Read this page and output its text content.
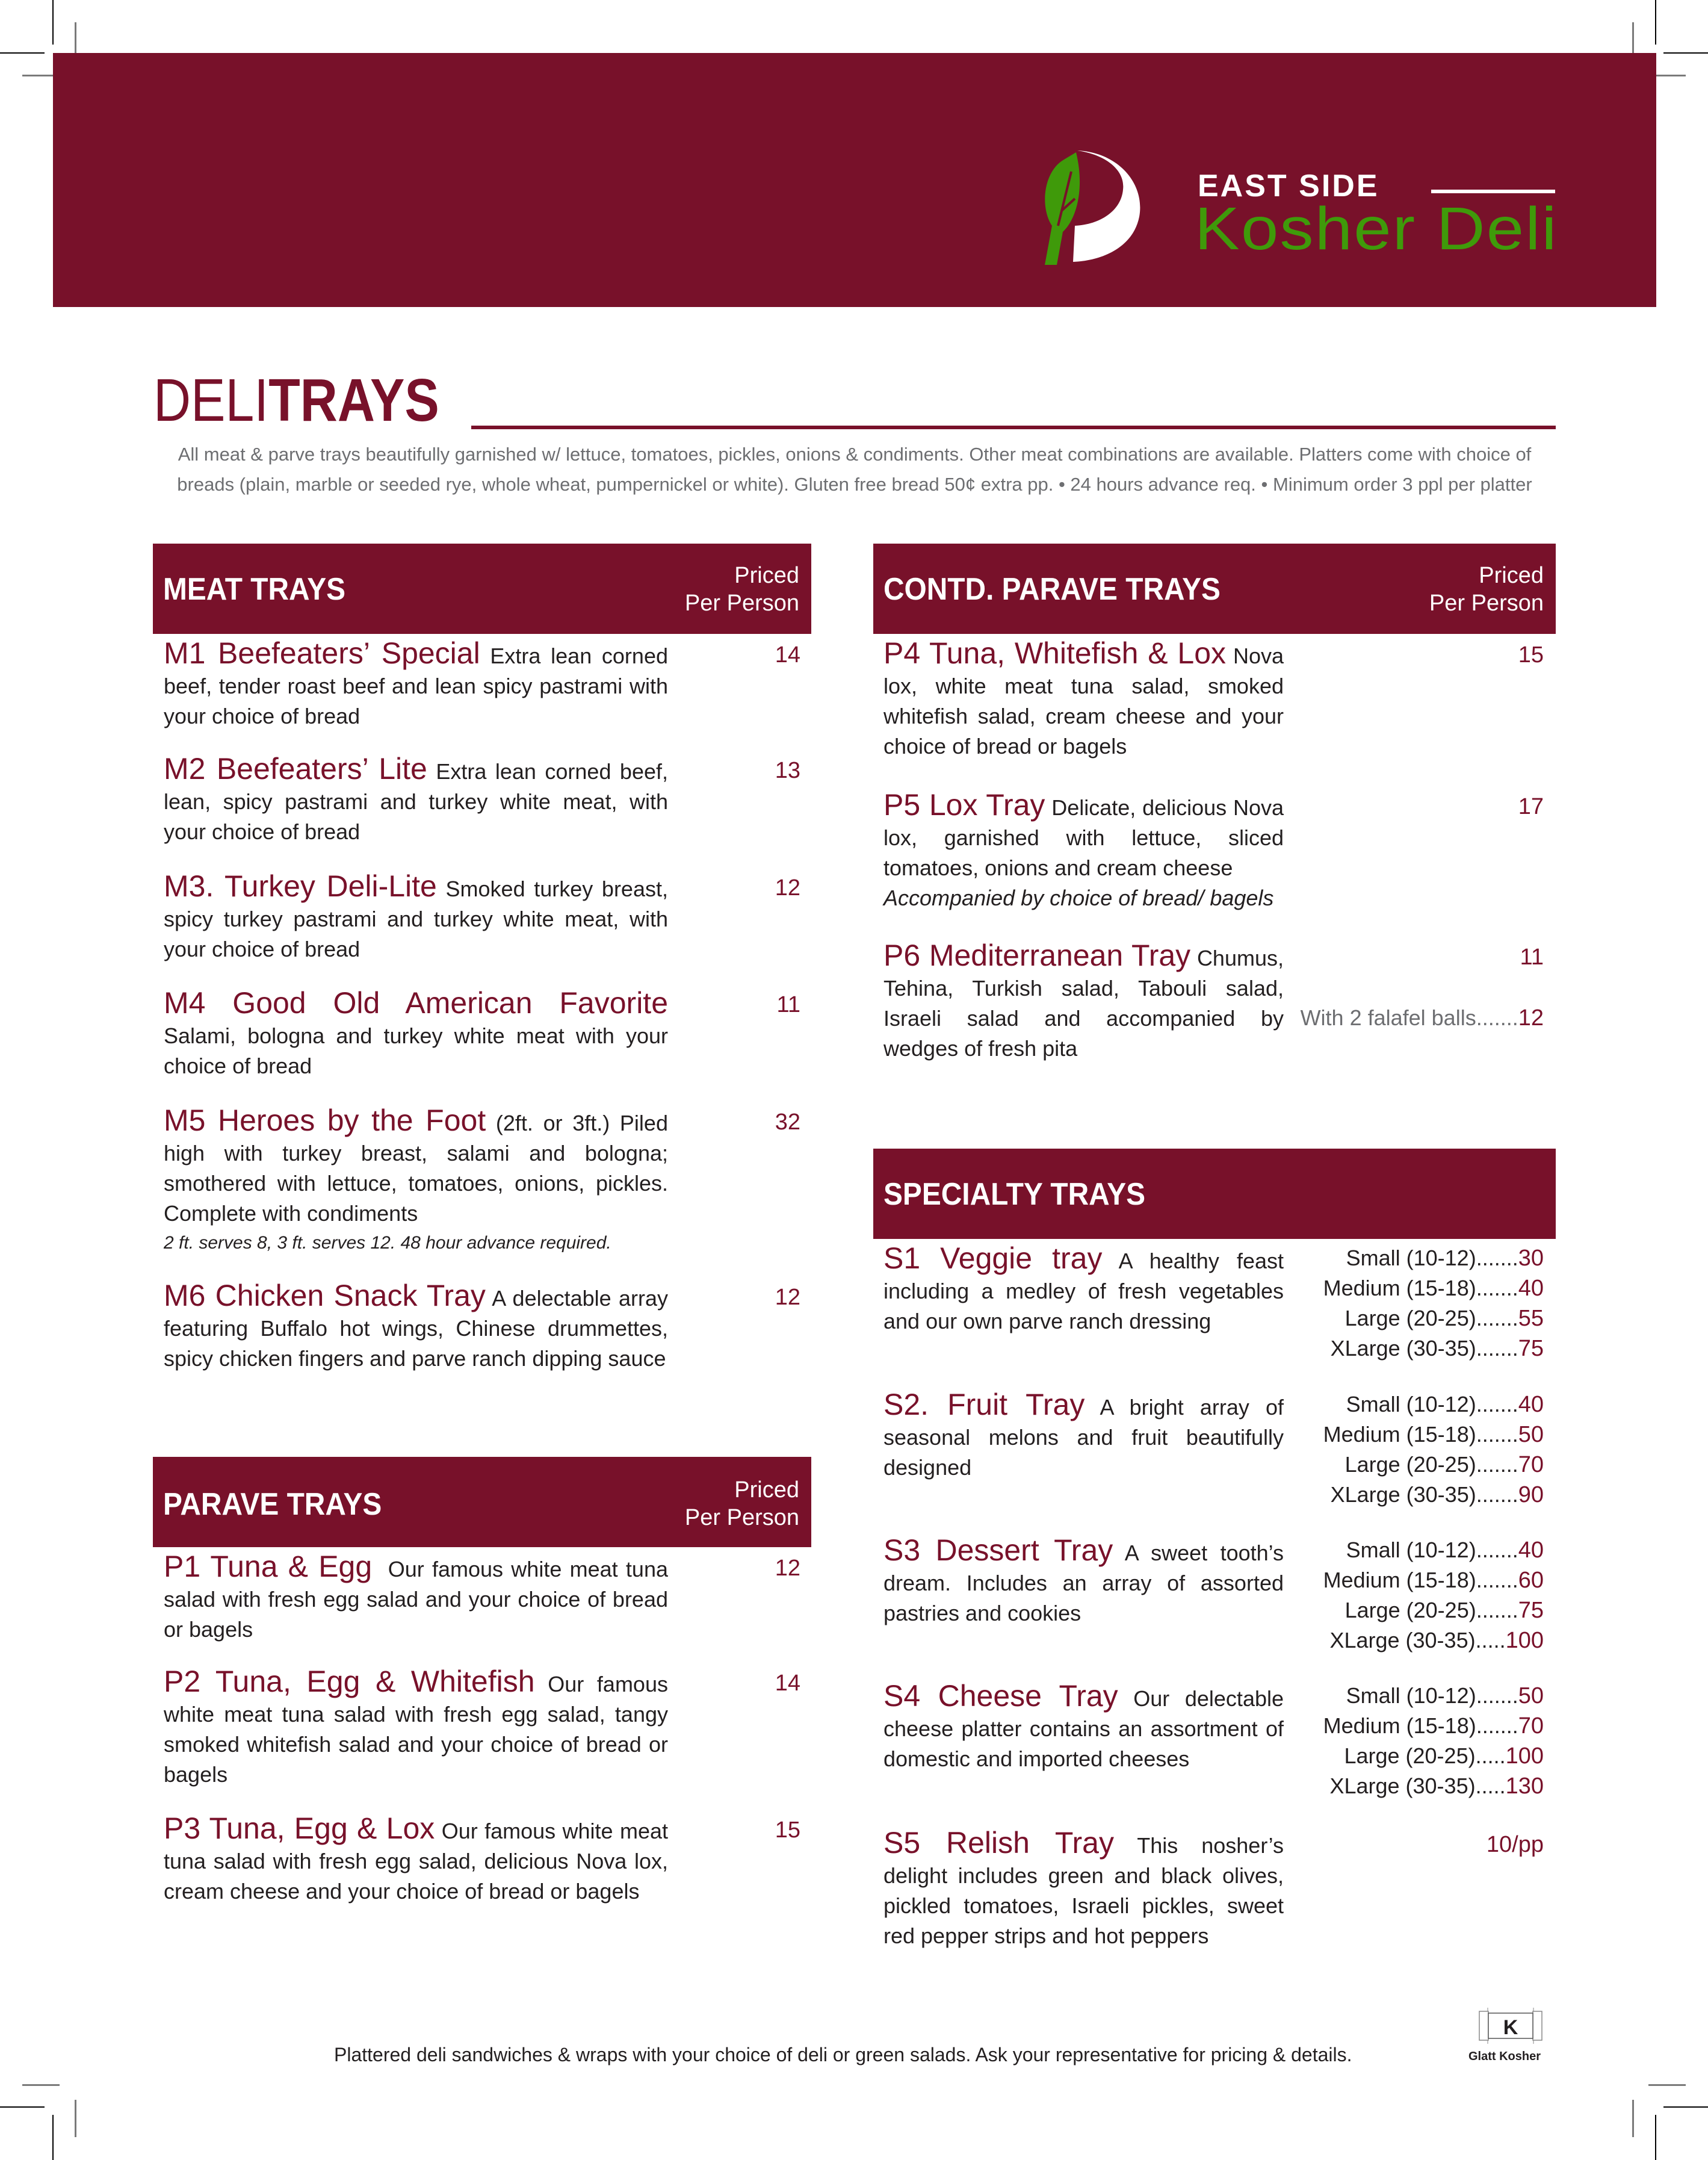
EAST SIDE
Kosher Deli
DELITRAYS
All meat & parve trays beautifully garnished w/ lettuce, tomatoes, pickles, onions & condiments. Other meat combinations are available. Platters come with choice of
breads (plain, marble or seeded rye, whole wheat, pumpernickel or white). Gluten free bread 50¢ extra pp. • 24 hours advance req. • Minimum order 3 ppl per platter
MEAT TRAYS	Priced
Per Person
M1 Beefeaters’ Special Extra lean corned beef, tender roast beef and lean spicy pastrami with your choice of bread
14
M2 Beefeaters’ Lite Extra lean corned beef, lean, spicy pastrami and turkey white meat, with your choice of bread
13
M3. Turkey Deli-Lite Smoked turkey breast, spicy turkey pastrami and turkey white meat, with your choice of bread
12
M4 Good Old American Favorite Salami, bologna and turkey white meat with your choice of bread
11
M5 Heroes by the Foot (2ft. or 3ft.) Piled high with turkey breast, salami and bologna; smothered with lettuce, tomatoes, onions, pickles. Complete with condiments
2 ft. serves 8, 3 ft. serves 12. 48 hour advance required.
32
M6 Chicken Snack Tray A delectable array featuring Buffalo hot wings, Chinese drummettes, spicy chicken fingers and parve ranch dipping sauce
12
PARAVE TRAYS	Priced
Per Person
P1 Tuna & Egg Our famous white meat tuna salad with fresh egg salad and your choice of bread or bagels
12
P2 Tuna, Egg & Whitefish Our famous white meat tuna salad with fresh egg salad, tangy smoked whitefish salad and your choice of bread or bagels
14
P3 Tuna, Egg & Lox Our famous white meat tuna salad with fresh egg salad, delicious Nova lox, cream cheese and your choice of bread or bagels
15
CONTD. PARAVE TRAYS	Priced
Per Person
P4 Tuna, Whitefish & Lox Nova lox, white meat tuna salad, smoked whitefish salad, cream cheese and your choice of bread or bagels
15
P5 Lox Tray Delicate, delicious Nova lox, garnished with lettuce, sliced tomatoes, onions and cream cheese
Accompanied by choice of bread/ bagels
17
P6 Mediterranean Tray Chumus, Tehina, Turkish salad, Tabouli salad, Israeli salad and accompanied by wedges of fresh pita
11
With 2 falafel balls.......12
SPECIALTY TRAYS
S1 Veggie tray A healthy feast including a medley of fresh vegetables and our own parve ranch dressing
Small (10-12).......30
Medium (15-18).......40
Large (20-25).......55
XLarge (30-35).......75
S2. Fruit Tray A bright array of seasonal melons and fruit beautifully designed
Small (10-12).......40
Medium (15-18).......50
Large (20-25).......70
XLarge (30-35).......90
S3 Dessert Tray A sweet tooth’s dream. Includes an array of assorted pastries and cookies
Small (10-12).......40
Medium (15-18).......60
Large (20-25).......75
XLarge (30-35).....100
S4 Cheese Tray Our delectable cheese platter contains an assortment of domestic and imported cheeses
Small (10-12).......50
Medium (15-18).......70
Large (20-25).....100
XLarge (30-35).....130
S5 Relish Tray This nosher’s delight includes green and black olives, pickled tomatoes, Israeli pickles, sweet red pepper strips and hot peppers
10/pp
Plattered deli sandwiches & wraps with your choice of deli or green salads. Ask your representative for pricing & details.
K
Glatt Kosher
